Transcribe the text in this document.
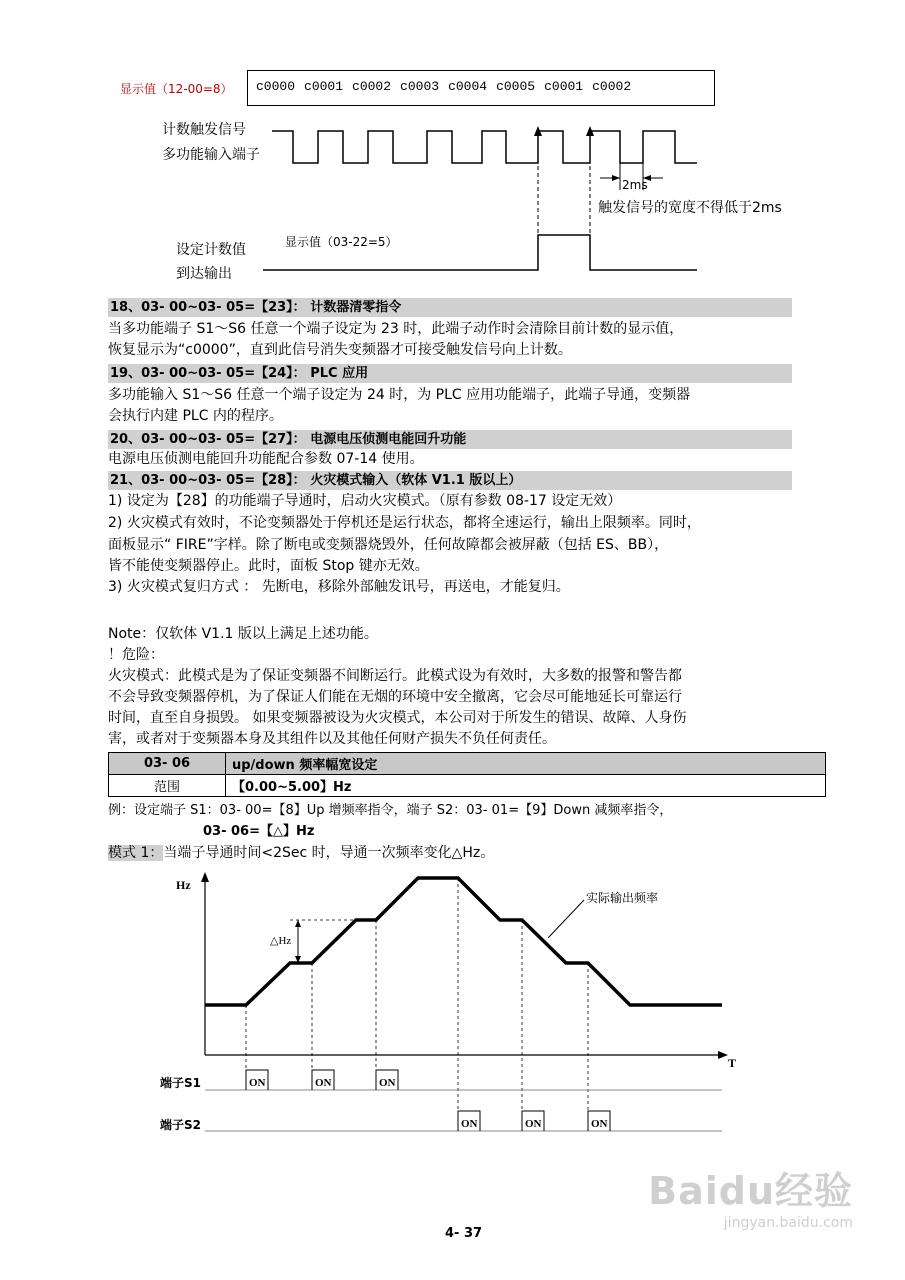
显示值（12-00=8） c0000 c0001 c0002 c0003 c0004 c0005 c0001 c0002
计数触发信号
多功能输入端子
2ms
触发信号的宽度不得低于2ms
设定计数值
到达输出
显示值（03-22=5）
18、03- 00~03- 05=【23】： 计数器清零指令
当多功能端子 S1～S6 任意一个端子设定为 23 时，此端子动作时会清除目前计数的显示值，
恢复显示为“c0000”，直到此信号消失变频器才可接受触发信号向上计数。
19、03- 00~03- 05=【24】： PLC 应用
多功能输入 S1～S6 任意一个端子设定为 24 时，为 PLC 应用功能端子，此端子导通，变频器
会执行内建 PLC 内的程序。
20、03- 00~03- 05=【27】： 电源电压侦测电能回升功能
电源电压侦测电能回升功能配合参数 07-14 使用。
21、03- 00~03- 05=【28】： 火灾模式输入（软体 V1.1 版以上）
1) 设定为【28】的功能端子导通时，启动火灾模式。（原有参数 08-17 设定无效）
2) 火灾模式有效时，不论变频器处于停机还是运行状态，都将全速运行，输出上限频率。同时，
面板显示“ FIRE”字样。除了断电或变频器烧毁外，任何故障都会被屏蔽（包括 ES、BB），
皆不能使变频器停止。此时，面板 Stop 键亦无效。
3) 火灾模式复归方式 ： 先断电，移除外部触发讯号，再送电，才能复归。
Note：仅软体 V1.1 版以上满足上述功能。
！危险：
火灾模式：此模式是为了保证变频器不间断运行。此模式设为有效时，大多数的报警和警告都
不会导致变频器停机，为了保证人们能在无烟的环境中安全撤离，它会尽可能地延长可靠运行
时间，直至自身损毁。 如果变频器被设为火灾模式，本公司对于所发生的错误、故障、人身伤
害，或者对于变频器本身及其组件以及其他任何财产损失不负任何责任。
03- 06	up/down 频率幅宽设定
范围	【0.00~5.00】Hz
例：设定端子 S1：03- 00=【8】Up 增频率指令，端子 S2：03- 01=【9】Down 减频率指令，
03- 06=【△】Hz
模式 1：当端子导通时间<2Sec 时，导通一次频率变化△Hz。
Hz
T
△Hz
实际输出频率
端子S1
端子S2
ON	ON	ON
ON	ON	ON
4- 37
Baidu经验
jingyan.baidu.com
